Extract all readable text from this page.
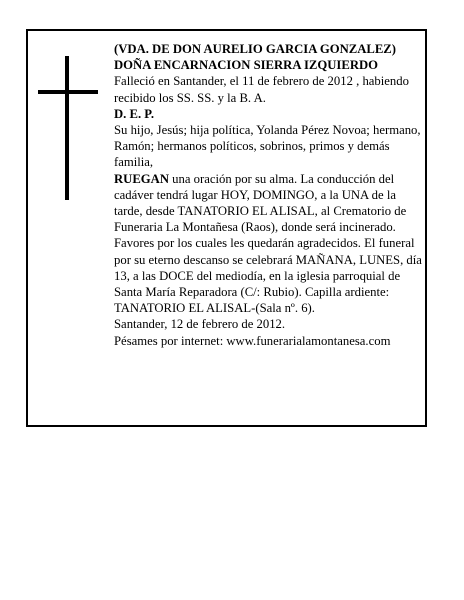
(VDA. DE DON AURELIO GARCIA GONZALEZ)

DOÑA ENCARNACION SIERRA IZQUIERDO

Falleció en Santander, el 11 de febrero de 2012 , habiendo recibido los SS. SS. y la B. A.

D. E. P.

Su hijo, Jesús; hija política, Yolanda Pérez Novoa; hermano, Ramón; hermanos políticos, sobrinos, primos y demás familia,

RUEGAN una oración por su alma. La conducción del cadáver tendrá lugar HOY, DOMINGO, a la UNA de la tarde, desde TANATORIO EL ALISAL, al Crematorio de Funeraria La Montañesa (Raos), donde será incinerado. Favores por los cuales les quedarán agradecidos. El funeral por su eterno descanso se celebrará MAÑANA, LUNES, día 13, a las DOCE del mediodía, en la iglesia parroquial de Santa María Reparadora (C/: Rubio). Capilla ardiente: TANATORIO EL ALISAL-(Sala nº. 6).

Santander, 12 de febrero de 2012.

Pésames por internet: www.funerarialamontanesa.com
